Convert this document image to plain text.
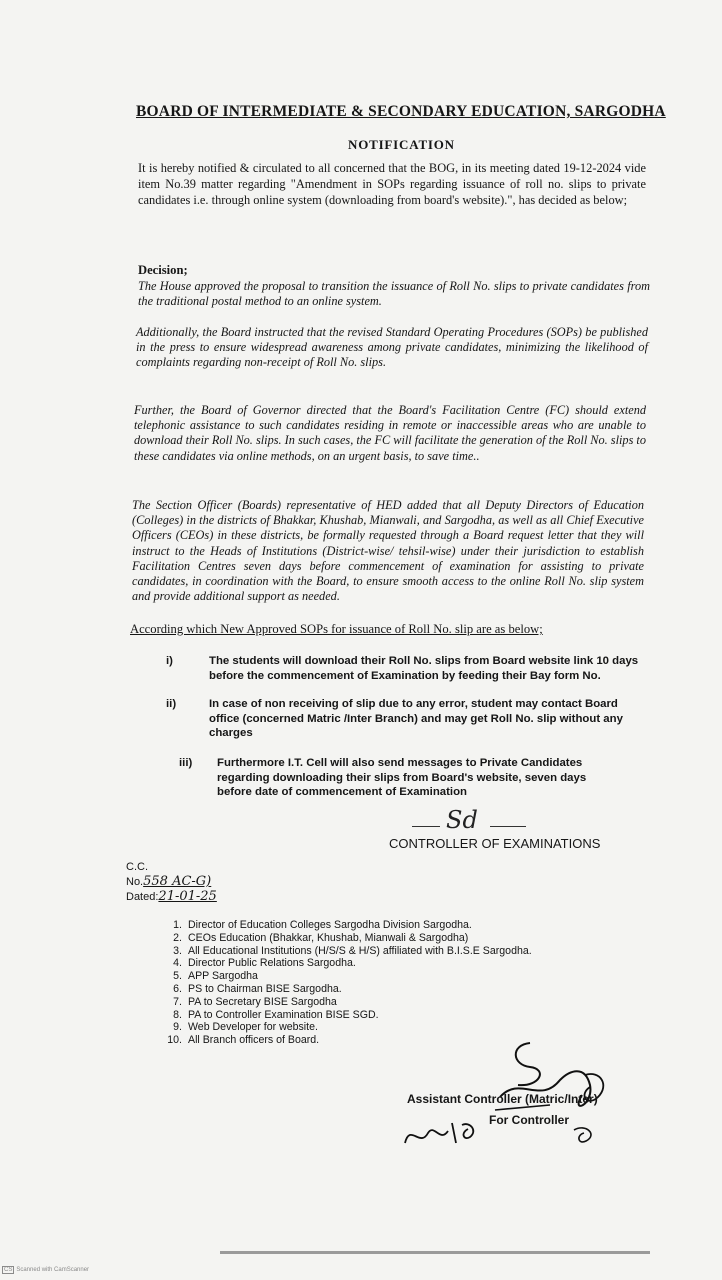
BOARD OF INTERMEDIATE & SECONDARY EDUCATION, SARGODHA
NOTIFICATION
It is hereby notified & circulated to all concerned that the BOG, in its meeting dated 19-12-2024 vide item No.39 matter regarding "Amendment in SOPs regarding issuance of roll no. slips to private candidates i.e. through online system (downloading from board's website).", has decided as below;
Decision;
The House approved the proposal to transition the issuance of Roll No. slips to private candidates from the traditional postal method to an online system.
Additionally, the Board instructed that the revised Standard Operating Procedures (SOPs) be published in the press to ensure widespread awareness among private candidates, minimizing the likelihood of complaints regarding non-receipt of Roll No. slips.
Further, the Board of Governor directed that the Board's Facilitation Centre (FC) should extend telephonic assistance to such candidates residing in remote or inaccessible areas who are unable to download their Roll No. slips. In such cases, the FC will facilitate the generation of the Roll No. slips to these candidates via online methods, on an urgent basis, to save time..
The Section Officer (Boards) representative of HED added that all Deputy Directors of Education (Colleges) in the districts of Bhakkar, Khushab, Mianwali, and Sargodha, as well as all Chief Executive Officers (CEOs) in these districts, be formally requested through a Board request letter that they will instruct to the Heads of Institutions (District-wise/ tehsil-wise) under their jurisdiction to establish Facilitation Centres seven days before commencement of examination for assisting to private candidates, in coordination with the Board, to ensure smooth access to the online Roll No. slip system and provide additional support as needed.
According which New Approved SOPs for issuance of Roll No. slip are as below;
i)	The students will download their Roll No. slips from Board website link 10 days before the commencement of Examination by feeding their Bay form No.
ii)	In case of non receiving of slip due to any error, student may contact Board office (concerned Matric /Inter Branch) and may get Roll No. slip without any charges
iii)	Furthermore I.T. Cell will also send messages to Private Candidates regarding downloading their slips from Board's website, seven days before date of commencement of Examination
Sd
CONTROLLER OF EXAMINATIONS
C.C.
No.558 AC-G)
Dated:21-01-25
1. Director of Education Colleges Sargodha Division Sargodha.
2. CEOs Education (Bhakkar, Khushab, Mianwali & Sargodha)
3. All Educational Institutions (H/S/S & H/S) affiliated with B.I.S.E Sargodha.
4. Director Public Relations Sargodha.
5. APP Sargodha
6. PS to Chairman BISE Sargodha.
7. PA to Secretary BISE Sargodha
8. PA to Controller Examination BISE SGD.
9. Web Developer for website.
10. All Branch officers of Board.
Assistant Controller (Matric/Inter)
For Controller
CS Scanned with CamScanner
